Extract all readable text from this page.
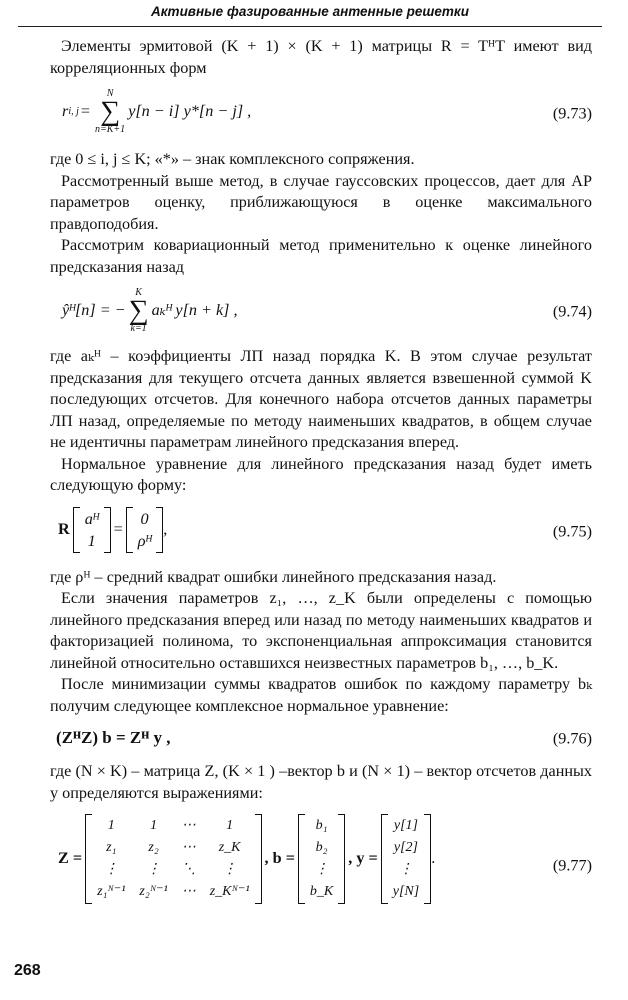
Активные фазированные антенные решетки

Элементы эрмитовой (K + 1) × (K + 1) матрицы R = TᴴT имеют вид корреляционных форм

r i, j =
N
∑
n=K+1
y[n − i] y*[n − j] ,	(9.73)

где 0 ≤ i, j ≤ K; «*» – знак комплексного сопряжения.

Рассмотренный выше метод, в случае гауссовских процессов, дает для АР параметров оценку, приближающуюся в оценке максимального правдоподобия.

Рассмотрим ковариационный метод применительно к оценке линейного предсказания назад

ŷᴴ[n] = −
K
∑
k=1
aₖᴴ y[n + k] ,	(9.74)

где aₖᴴ – коэффициенты ЛП назад порядка K. В этом случае результат предсказания для текущего отсчета данных является взвешенной суммой K последующих отсчетов. Для конечного набора отсчетов данных параметры ЛП назад, определяемые по методу наименьших квадратов, в общем случае не идентичны параметрам линейного предсказания вперед.

Нормальное уравнение для линейного предсказания назад будет иметь следующую форму:

R
aᴴ
1
=
0
ρᴴ
,	(9.75)

где ρᴴ – средний квадрат ошибки линейного предсказания назад.

Если значения параметров z₁, …, z_K были определены с помощью линейного предсказания вперед или назад по методу наименьших квадратов и факторизацией полинома, то экспоненциальная аппроксимация становится линейной относительно оставшихся неизвестных параметров b₁, …, b_K.

После минимизации суммы квадратов ошибок по каждому параметру bₖ получим следующее комплексное нормальное уравнение:

(ZᴴZ) b = Zᴴ y ,	(9.76)

где (N × K) – матрица Z, (K × 1 ) –вектор b и (N × 1) – вектор отсчетов данных y определяются выражениями:

Z =
1	1	⋯	1
z₁	z₂	⋯	z_K
⋮	⋮	⋱	⋮
z₁ᴺ⁻¹ z₂ᴺ⁻¹ ⋯ z_Kᴺ⁻¹
, b =
b₁
b₂
⋮
b_K
, y =
y[1]
y[2]
⋮
y[N]
.	(9.77)
268
